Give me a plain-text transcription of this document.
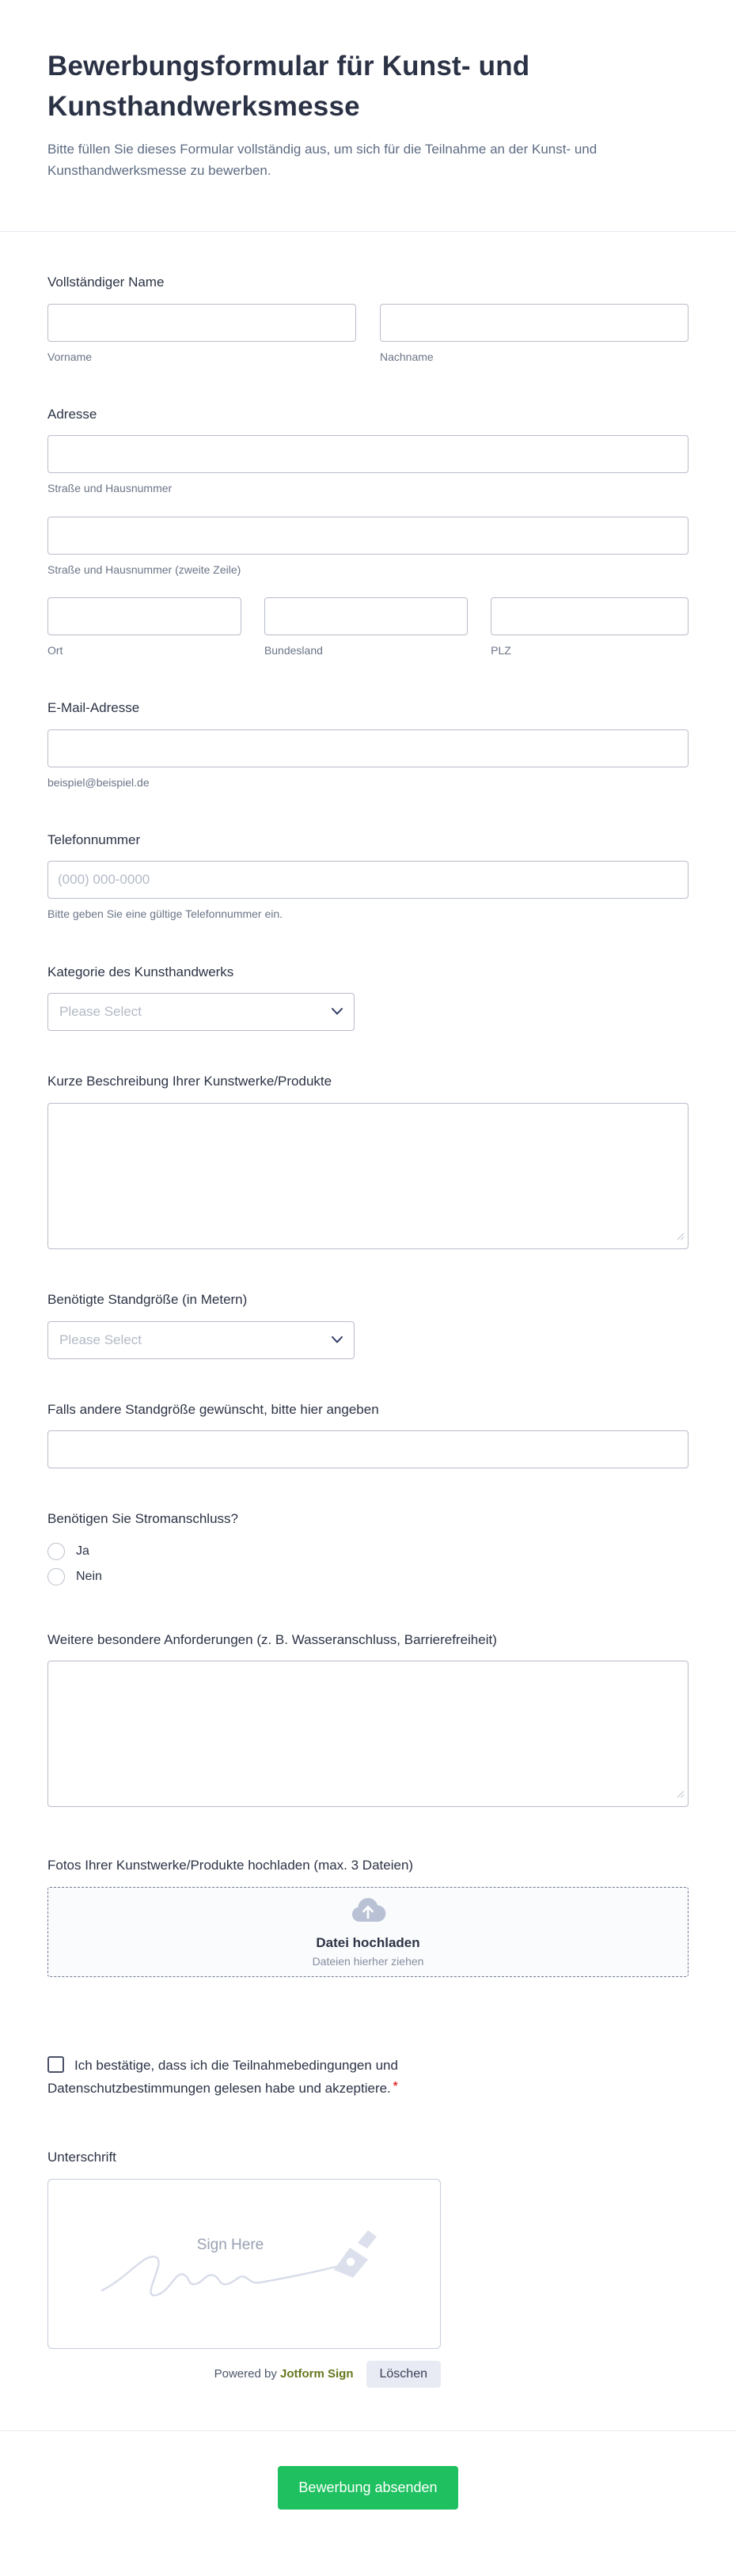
Bewerbungsformular für Kunst- und Kunsthandwerksmesse

Bitte füllen Sie dieses Formular vollständig aus, um sich für die Teilnahme an der Kunst- und Kunsthandwerksmesse zu bewerben.

Vollständiger Name
Vorname	Nachname
Adresse
Straße und Hausnummer
Straße und Hausnummer (zweite Zeile)
Ort	Bundesland	PLZ
E-Mail-Adresse
beispiel@beispiel.de
Telefonnummer
(000) 000-0000
Bitte geben Sie eine gültige Telefonnummer ein.
Kategorie des Kunsthandwerks
Please Select
Kurze Beschreibung Ihrer Kunstwerke/Produkte
Benötigte Standgröße (in Metern)
Please Select
Falls andere Standgröße gewünscht, bitte hier angeben
Benötigen Sie Stromanschluss?
Ja
Nein
Weitere besondere Anforderungen (z. B. Wasseranschluss, Barrierefreiheit)
Fotos Ihrer Kunstwerke/Produkte hochladen (max. 3 Dateien)
Datei hochladen
Dateien hierher ziehen
Ich bestätige, dass ich die Teilnahmebedingungen und Datenschutzbestimmungen gelesen habe und akzeptiere. *
Unterschrift
Sign Here
Powered by Jotform Sign	Löschen
Bewerbung absenden
